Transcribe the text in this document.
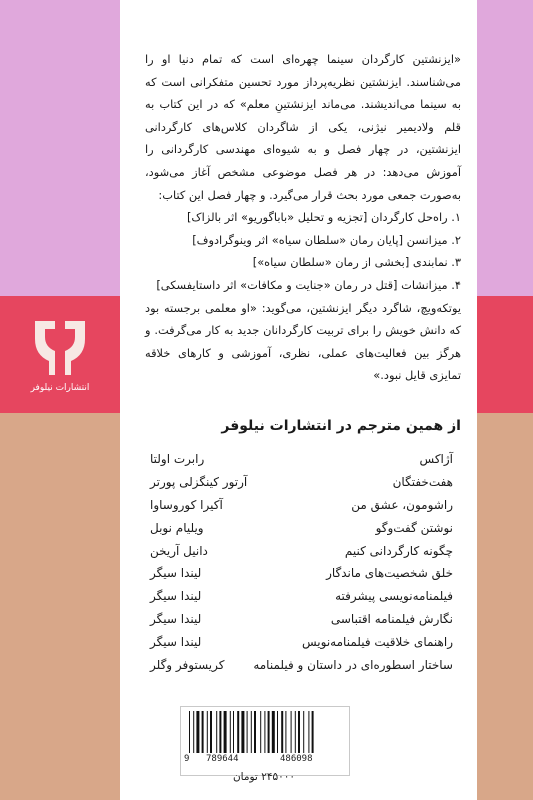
انتشارات نیلوفر

«ایزنشتین کارگردان سینما چهره‌ای است که تمام دنیا او را می‌شناسند. ایزنشتین نظریه‌پرداز مورد تحسین متفکرانی است که به سینما می‌اندیشند. می‌ماند ایزنشتینِ معلم» که در این کتاب به قلم ولادیمیر نیژنی، یکی از شاگردان کلاس‌های کارگردانی ایزنشتین، در چهار فصل و به شیوه‌ای مهندسی کارگردانی را آموزش می‌دهد: در هر فصل موضوعی مشخص آغاز می‌شود، به‌صورت جمعی مورد بحث قرار می‌گیرد. و چهار فصل این کتاب:

۱. راه‌حل کارگردان [تجزیه و تحلیل «باباگوریو» اثر بالزاک]
۲. میزانسن [پایان رمان «سلطان سیاه» اثر وینوگرادوف]
۳. نمابندی [بخشی از رمان «سلطان سیاه»]
۴. میزانشات [قتل در رمان «جنایت و مکافات» اثر داستایفسکی]

یوتکه‌ویچ، شاگرد دیگر ایزنشتین، می‌گوید: «او معلمی برجسته بود که دانش خویش را برای تربیت کارگردانان جدید به کار می‌گرفت. و هرگز بین فعالیت‌های عملی، نظری، آموزشی و کارهای خلاقه تمایزی قایل نبود.»

از همین مترجم در انتشارات نیلوفر
آژاکس
رابرت اولتا
هفت‌خفتگان
آرتور کینگزلی پورتر
راشومون، عشق من
آکیرا کوروساوا
نوشتن گفت‌وگو
ویلیام نوبل
چگونه کارگردانی کنیم
دانیل آریخن
خلق شخصیت‌های ماندگار
لیندا سیگر
فیلمنامه‌نویسی پیشرفته
لیندا سیگر
نگارش فیلمنامه اقتباسی
لیندا سیگر
راهنمای خلاقیت فیلمنامه‌نویس
لیندا سیگر
ساختار اسطوره‌ای در داستان و فیلمنامه
کریستوفر وگلر
9 789644	486098
۲۴۵۰۰۰ تومان
